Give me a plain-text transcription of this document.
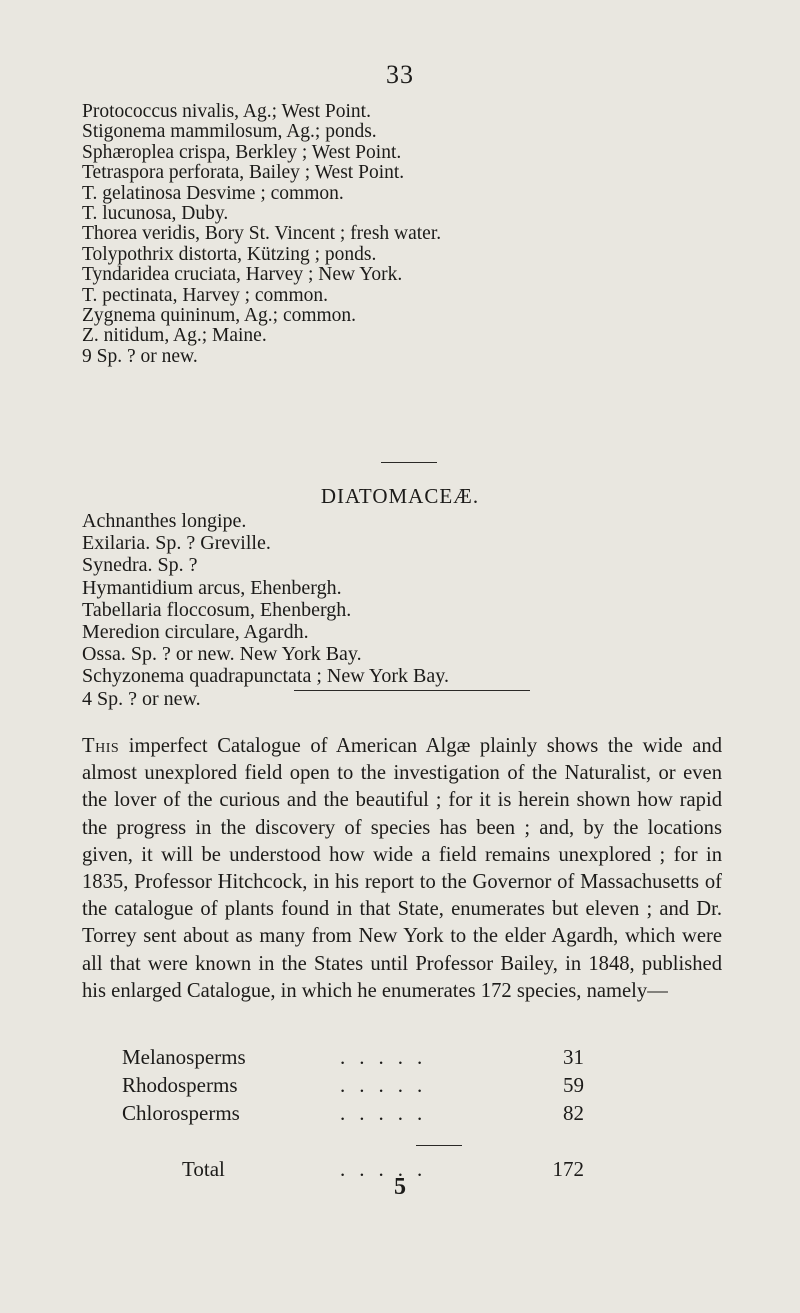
33
Protococcus nivalis, Ag.; West Point.
Stigonema mammilosum, Ag.; ponds.
Sphæroplea crispa, Berkley ; West Point.
Tetraspora perforata, Bailey ; West Point.
T. gelatinosa Desvime ; common.
T. lucunosa, Duby.
Thorea veridis, Bory St. Vincent ; fresh water.
Tolypothrix distorta, Kützing ; ponds.
Tyndaridea cruciata, Harvey ; New York.
T. pectinata, Harvey ; common.
Zygnema quininum, Ag.; common.
Z. nitidum, Ag.; Maine.
9 Sp. ? or new.
DIATOMACEÆ.
Achnanthes longipe.
Exilaria. Sp. ? Greville.
Synedra. Sp. ?
Hymantidium arcus, Ehenbergh.
Tabellaria floccosum, Ehenbergh.
Meredion circulare, Agardh.
Ossa. Sp. ? or new. New York Bay.
Schyzonema quadrapunctata ; New York Bay.
4 Sp. ? or new.
This imperfect Catalogue of American Algæ plainly shows the wide and almost unexplored field open to the investigation of the Naturalist, or even the lover of the curious and the beautiful ; for it is herein shown how rapid the progress in the discovery of species has been ; and, by the locations given, it will be understood how wide a field remains unexplored ; for in 1835, Professor Hitchcock, in his report to the Governor of Massachusetts of the catalogue of plants found in that State, enumerates but eleven ; and Dr. Torrey sent about as many from New York to the elder Agardh, which were all that were known in the States until Professor Bailey, in 1848, published his enlarged Catalogue, in which he enumerates 172 species, namely—
Melanosperms	.....	31
Rhodosperms	.....	59
Chlorosperms	.....	82
Total	.....	172
5
